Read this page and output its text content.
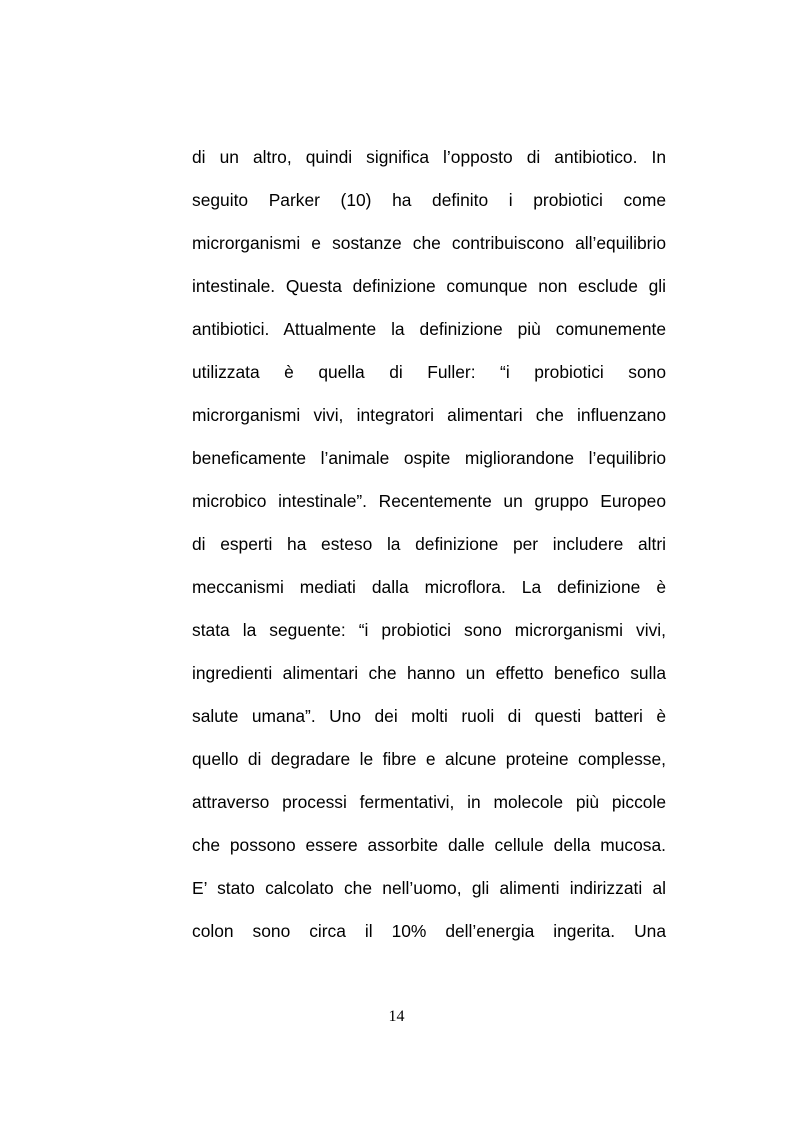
di un altro, quindi significa l’opposto di antibiotico. In
seguito Parker (10) ha definito i probiotici come
microrganismi e sostanze che contribuiscono all’equilibrio
intestinale. Questa definizione comunque non esclude gli
antibiotici. Attualmente la definizione più comunemente
utilizzata è quella di Fuller: “i probiotici sono
microrganismi vivi, integratori alimentari che influenzano
beneficamente l’animale ospite migliorandone l’equilibrio
microbico intestinale”. Recentemente un gruppo Europeo
di esperti ha esteso la definizione per includere altri
meccanismi mediati dalla microflora. La definizione è
stata la seguente: “i probiotici sono microrganismi vivi,
ingredienti alimentari che hanno un effetto benefico sulla
salute umana”. Uno dei molti ruoli di questi batteri è
quello di degradare le fibre e alcune proteine complesse,
attraverso processi fermentativi, in molecole più piccole
che possono essere assorbite dalle cellule della mucosa.
E’ stato calcolato che nell’uomo, gli alimenti indirizzati al
colon sono circa il 10% dell’energia ingerita. Una
14
